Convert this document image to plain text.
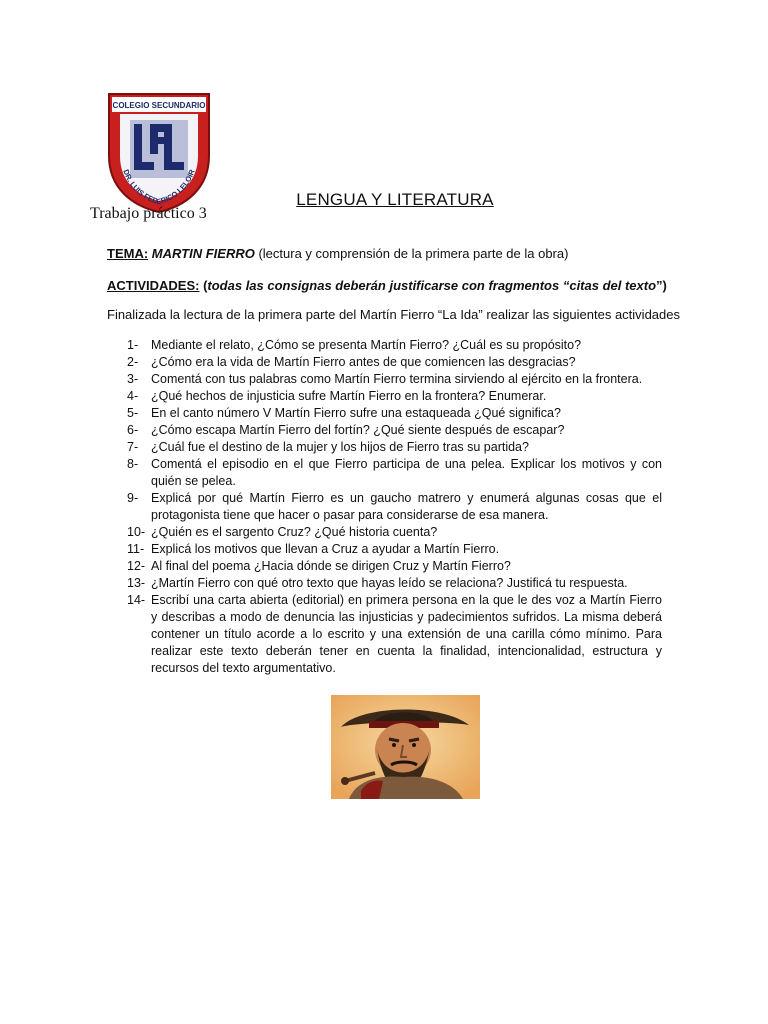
COLEGIO SECUNDARIO
DR. LUIS FEDERICO LELOIR
Trabajo práctico 3
LENGUA Y LITERATURA
TEMA: MARTIN FIERRO (lectura y comprensión de la primera parte de la obra)
ACTIVIDADES: (todas las consignas deberán justificarse con fragmentos “citas del texto”)
Finalizada la lectura de la primera parte del Martín Fierro “La Ida” realizar las siguientes actividades
1- Mediante el relato, ¿Cómo se presenta Martín Fierro? ¿Cuál es su propósito?
2- ¿Cómo era la vida de Martín Fierro antes de que comiencen las desgracias?
3- Comentá con tus palabras como Martín Fierro termina sirviendo al ejército en la frontera.
4- ¿Qué hechos de injusticia sufre Martín Fierro en la frontera? Enumerar.
5- En el canto número V Martín Fierro sufre una estaqueada ¿Qué significa?
6- ¿Cómo escapa Martín Fierro del fortín? ¿Qué siente después de escapar?
7- ¿Cuál fue el destino de la mujer y los hijos de Fierro tras su partida?
8- Comentá el episodio en el que Fierro participa de una pelea. Explicar los motivos y con quién se pelea.
9- Explicá por qué Martín Fierro es un gaucho matrero y enumerá algunas cosas que el protagonista tiene que hacer o pasar para considerarse de esa manera.
10- ¿Quién es el sargento Cruz? ¿Qué historia cuenta?
11- Explicá los motivos que llevan a Cruz a ayudar a Martín Fierro.
12- Al final del poema ¿Hacia dónde se dirigen Cruz y Martín Fierro?
13- ¿Martín Fierro con qué otro texto que hayas leído se relaciona? Justificá tu respuesta.
14- Escribí una carta abierta (editorial) en primera persona en la que le des voz a Martín Fierro y describas a modo de denuncia las injusticias y padecimientos sufridos. La misma deberá contener un título acorde a lo escrito y una extensión de una carilla cómo mínimo. Para realizar este texto deberán tener en cuenta la finalidad, intencionalidad, estructura y recursos del texto argumentativo.
